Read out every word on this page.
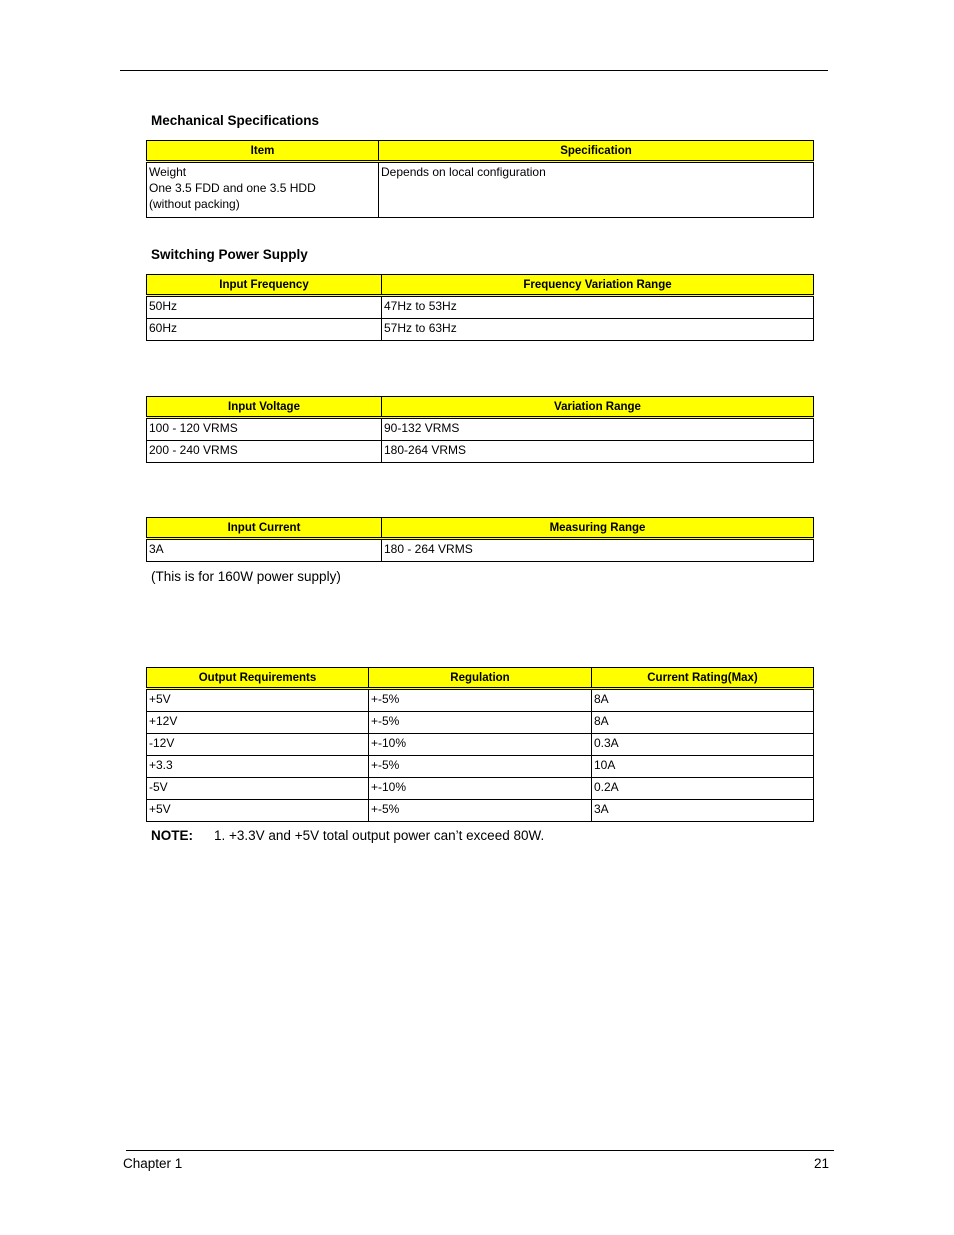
Mechanical Specifications
Item	Specification
Weight
One 3.5 FDD and one 3.5 HDD
(without packing)	Depends on local configuration
Switching Power Supply
Input Frequency	Frequency Variation Range
50Hz	47Hz to 53Hz
60Hz	57Hz to 63Hz
Input Voltage	Variation Range
100 - 120 VRMS	90-132 VRMS
200 - 240 VRMS	180-264 VRMS
Input Current	Measuring Range
3A	180 - 264 VRMS
(This is for 160W power supply)
Output Requirements	Regulation	Current Rating(Max)
+5V	+-5%	8A
+12V	+-5%	8A
-12V	+-10%	0.3A
+3.3	+-5%	10A
-5V	+-10%	0.2A
+5V	+-5%	3A
NOTE: 1. +3.3V and +5V total output power can’t exceed 80W.
Chapter 1	21
